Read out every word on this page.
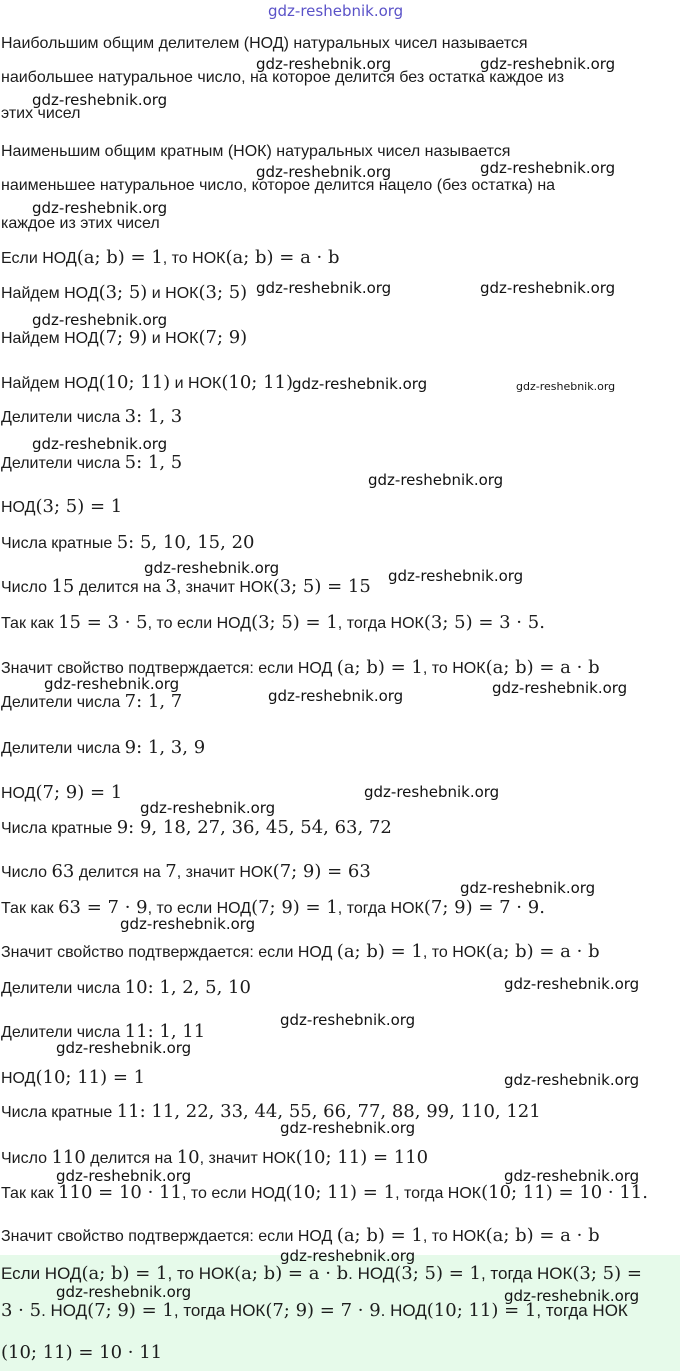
gdz-reshebnik.org
gdz-reshebnik.org	gdz-reshebnik.org
gdz-reshebnik.org
gdz-reshebnik.org
gdz-reshebnik.org
gdz-reshebnik.org
gdz-reshebnik.org	gdz-reshebnik.org
gdz-reshebnik.org
gdz-reshebnik.org	gdz-reshebnik.org
gdz-reshebnik.org
gdz-reshebnik.org
gdz-reshebnik.org	gdz-reshebnik.org
gdz-reshebnik.org
gdz-reshebnik.org	gdz-reshebnik.org
gdz-reshebnik.org
gdz-reshebnik.org
gdz-reshebnik.org
gdz-reshebnik.org
gdz-reshebnik.org
gdz-reshebnik.org
gdz-reshebnik.org
gdz-reshebnik.org
gdz-reshebnik.org
gdz-reshebnik.org	gdz-reshebnik.org
gdz-reshebnik.org
gdz-reshebnik.org	gdz-reshebnik.org
Наибольшим общим делителем (НОД) натуральных чисел называется
наибольшее натуральное число, на которое делится без остатка каждое из
этих чисел
Наименьшим общим кратным (НОК) натуральных чисел называется
наименьшее натуральное число, которое делится нацело (без остатка) на
каждое из этих чисел
Если НОД(a; b) = 1, то НОК(a; b) = a · b
Найдем НОД(3; 5) и НОК(3; 5)
Найдем НОД(7; 9) и НОК(7; 9)
Найдем НОД(10; 11) и НОК(10; 11)
Делители числа 3: 1, 3
Делители числа 5: 1, 5
НОД(3; 5) = 1
Числа кратные 5: 5, 10, 15, 20
Число 15 делится на 3, значит НОК(3; 5) = 15
Так как 15 = 3 · 5, то если НОД(3; 5) = 1, тогда НОК(3; 5) = 3 · 5.
Значит свойство подтверждается: если НОД (a; b) = 1, то НОК(a; b) = a · b
Делители числа 7: 1, 7
Делители числа 9: 1, 3, 9
НОД(7; 9) = 1
Числа кратные 9: 9, 18, 27, 36, 45, 54, 63, 72
Число 63 делится на 7, значит НОК(7; 9) = 63
Так как 63 = 7 · 9, то если НОД(7; 9) = 1, тогда НОК(7; 9) = 7 · 9.
Значит свойство подтверждается: если НОД (a; b) = 1, то НОК(a; b) = a · b
Делители числа 10: 1, 2, 5, 10
Делители числа 11: 1, 11
НОД(10; 11) = 1
Числа кратные 11: 11, 22, 33, 44, 55, 66, 77, 88, 99, 110, 121
Число 110 делится на 10, значит НОК(10; 11) = 110
Так как 110 = 10 · 11, то если НОД(10; 11) = 1, тогда НОК(10; 11) = 10 · 11.
Значит свойство подтверждается: если НОД (a; b) = 1, то НОК(a; b) = a · b
Если НОД(a; b) = 1, то НОК(a; b) = a · b. НОД(3; 5) = 1, тогда НОК(3; 5) =
3 · 5. НОД(7; 9) = 1, тогда НОК(7; 9) = 7 · 9. НОД(10; 11) = 1, тогда НОК
(10; 11) = 10 · 11
